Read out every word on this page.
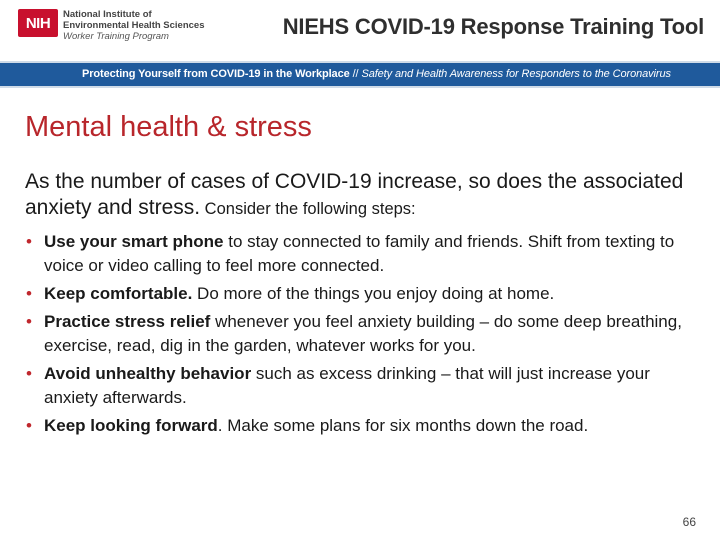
NIH National Institute of
Environmental Health Sciences
Worker Training Program	NIEHS COVID-19 Response Training Tool
Protecting Yourself from COVID-19 in the Workplace // Safety and Health Awareness for Responders to the Coronavirus
Mental health & stress

As the number of cases of COVID-19 increase, so does the associated anxiety and stress. Consider the following steps:

• Use your smart phone to stay connected to family and friends. Shift from texting to voice or video calling to feel more connected.
• Keep comfortable. Do more of the things you enjoy doing at home.
• Practice stress relief whenever you feel anxiety building – do some deep breathing, exercise, read, dig in the garden, whatever works for you.
• Avoid unhealthy behavior such as excess drinking – that will just increase your anxiety afterwards.
• Keep looking forward. Make some plans for six months down the road.
66
